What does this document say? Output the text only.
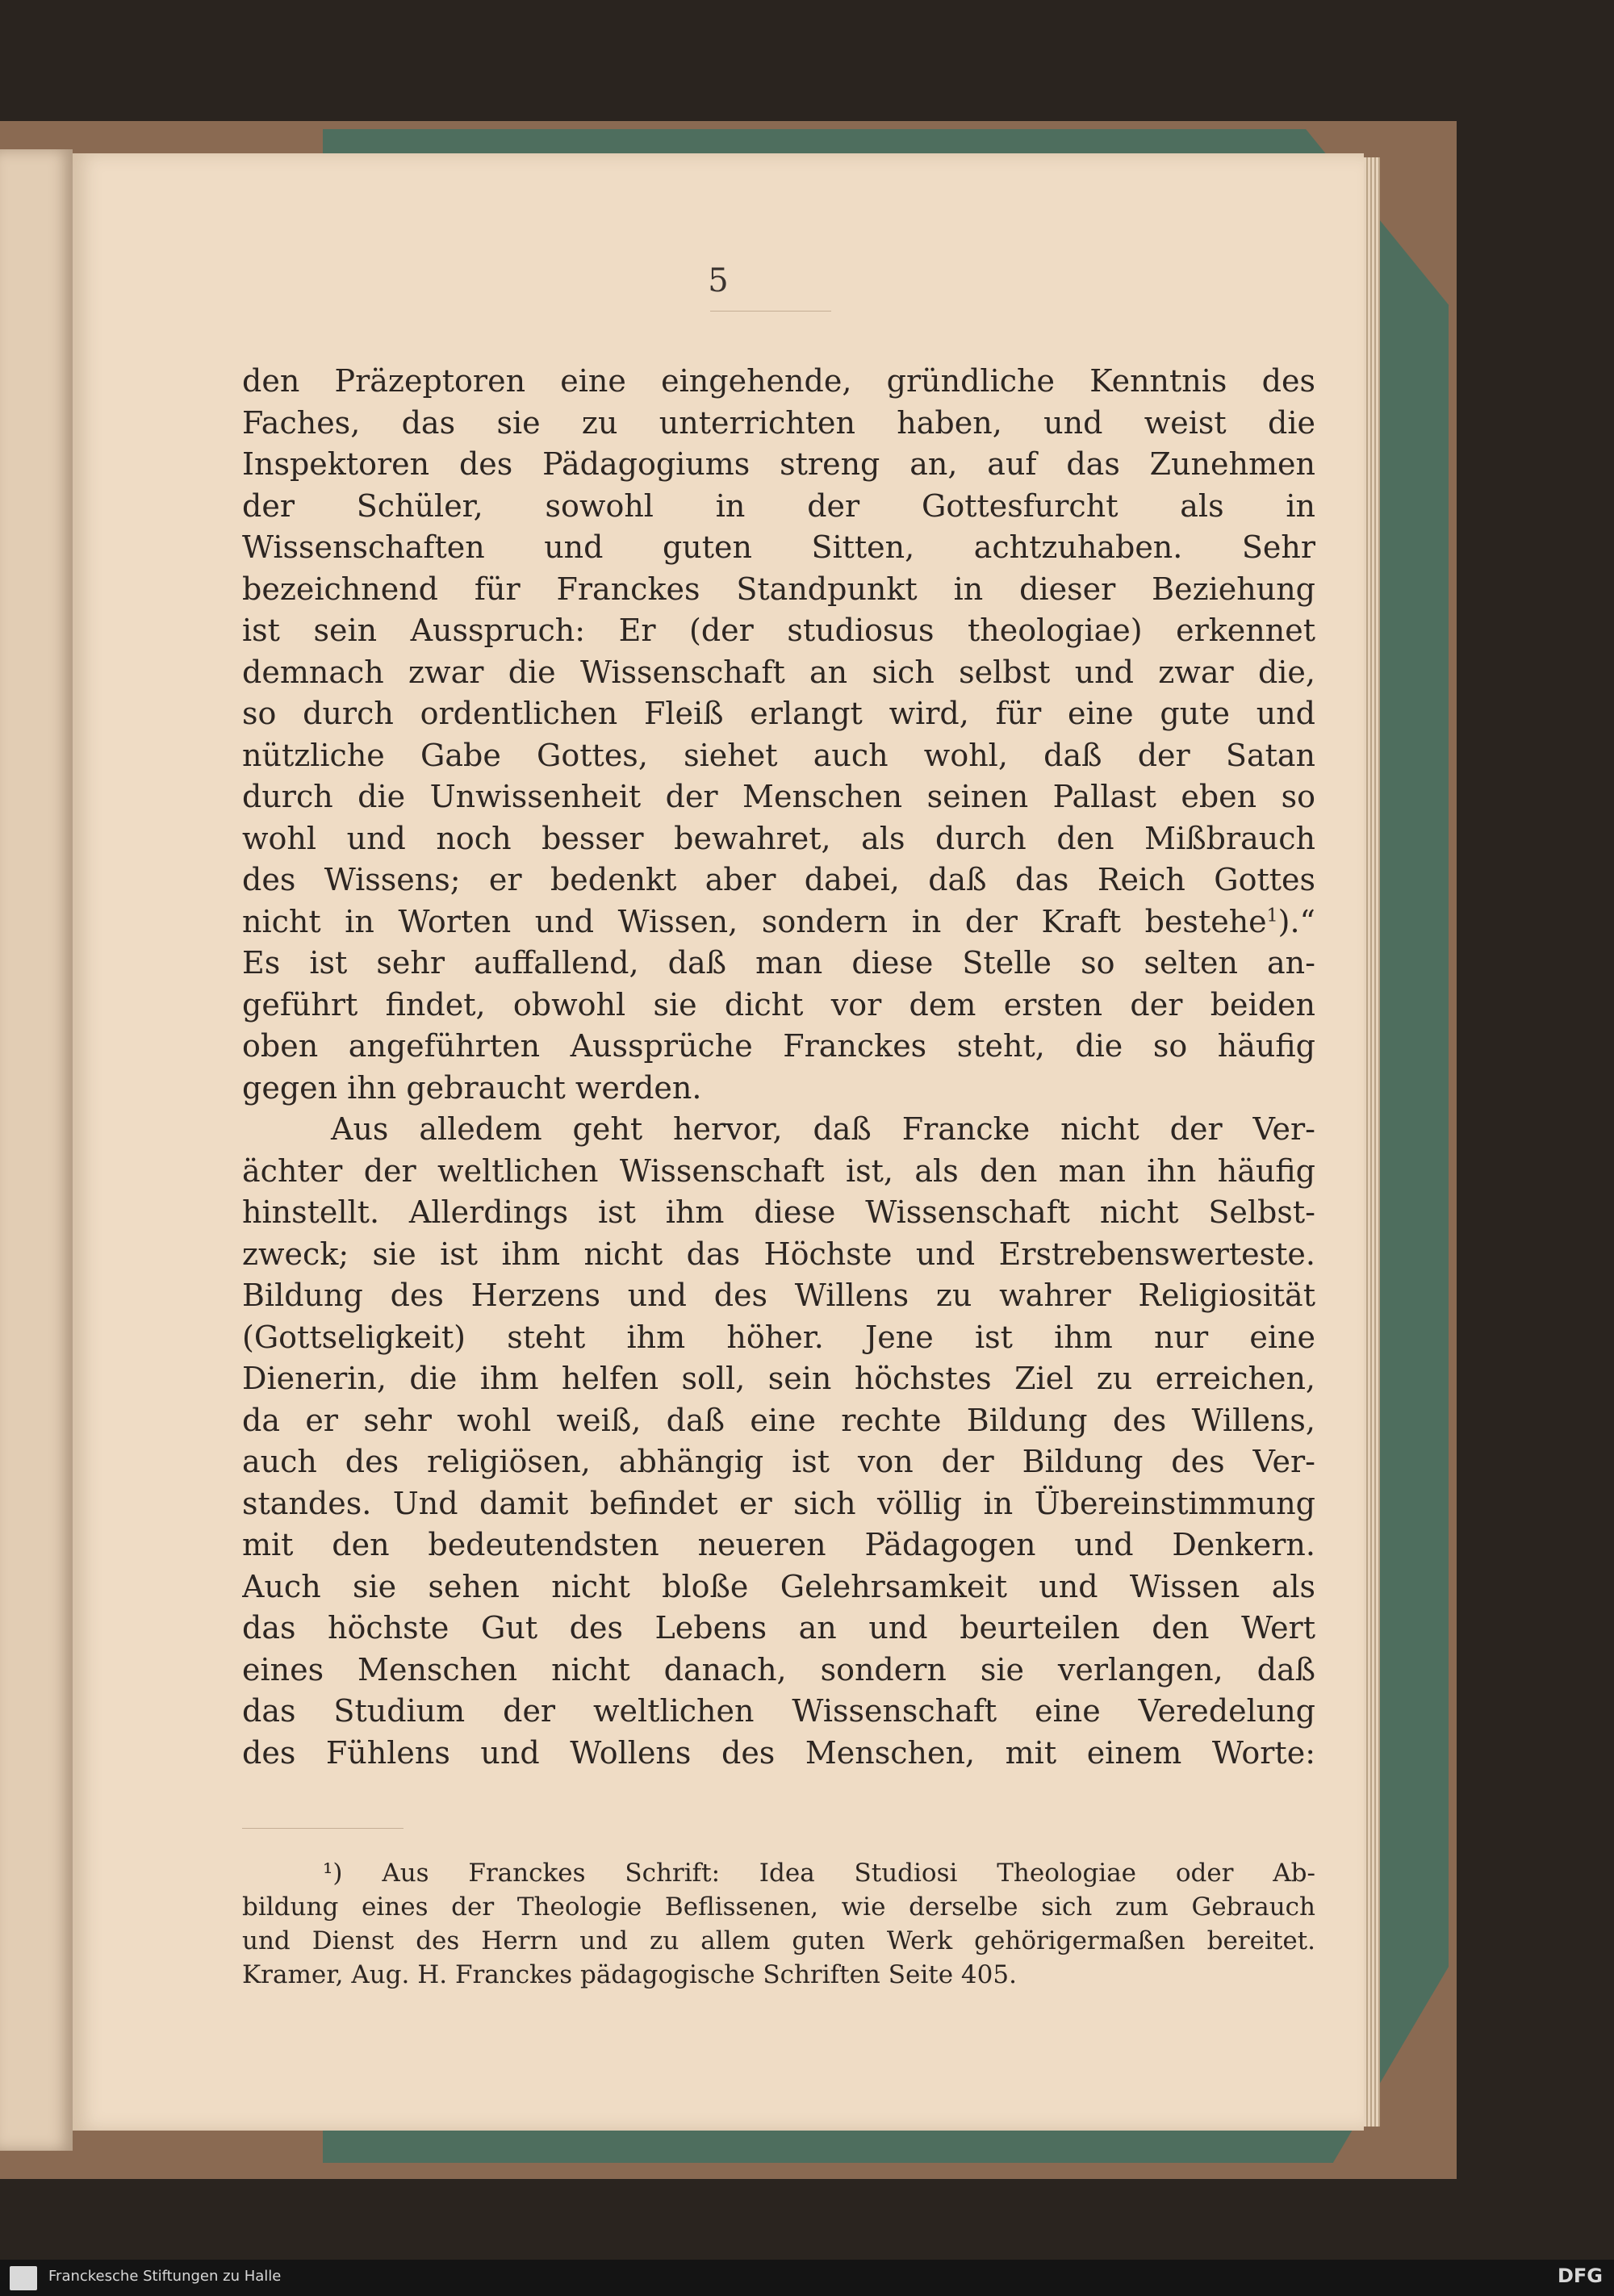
5
den Präzeptoren eine eingehende, gründliche Kenntnis des
Faches, das sie zu unterrichten haben, und weist die
Inspektoren des Pädagogiums streng an, auf das Zunehmen
der Schüler, sowohl in der Gottesfurcht als in
Wissenschaften und guten Sitten, achtzuhaben. Sehr
bezeichnend für Franckes Standpunkt in dieser Beziehung
ist sein Ausspruch: Er (der studiosus theologiae) erkennet
demnach zwar die Wissenschaft an sich selbst und zwar die,
so durch ordentlichen Fleiß erlangt wird, für eine gute und
nützliche Gabe Gottes, siehet auch wohl, daß der Satan
durch die Unwissenheit der Menschen seinen Pallast eben so
wohl und noch besser bewahret, als durch den Mißbrauch
des Wissens; er bedenkt aber dabei, daß das Reich Gottes
nicht in Worten und Wissen, sondern in der Kraft bestehe$^1$).“
Es ist sehr auffallend, daß man diese Stelle so selten an-
geführt findet, obwohl sie dicht vor dem ersten der beiden
oben angeführten Aussprüche Franckes steht, die so häufig
gegen ihn gebraucht werden.
Aus alledem geht hervor, daß Francke nicht der Ver-
ächter der weltlichen Wissenschaft ist, als den man ihn häufig
hinstellt. Allerdings ist ihm diese Wissenschaft nicht Selbst-
zweck; sie ist ihm nicht das Höchste und Erstrebenswerteste.
Bildung des Herzens und des Willens zu wahrer Religiosität
(Gottseligkeit) steht ihm höher. Jene ist ihm nur eine
Dienerin, die ihm helfen soll, sein höchstes Ziel zu erreichen,
da er sehr wohl weiß, daß eine rechte Bildung des Willens,
auch des religiösen, abhängig ist von der Bildung des Ver-
standes. Und damit befindet er sich völlig in Übereinstimmung
mit den bedeutendsten neueren Pädagogen und Denkern.
Auch sie sehen nicht bloße Gelehrsamkeit und Wissen als
das höchste Gut des Lebens an und beurteilen den Wert
eines Menschen nicht danach, sondern sie verlangen, daß
das Studium der weltlichen Wissenschaft eine Veredelung
des Fühlens und Wollens des Menschen, mit einem Worte:
¹) Aus Franckes Schrift: Idea Studiosi Theologiae oder Ab-
bildung eines der Theologie Beflissenen, wie derselbe sich zum Gebrauch
und Dienst des Herrn und zu allem guten Werk gehörigermaßen bereitet.
Kramer, Aug. H. Franckes pädagogische Schriften Seite 405.
Franckesche Stiftungen zu Halle	DFG
